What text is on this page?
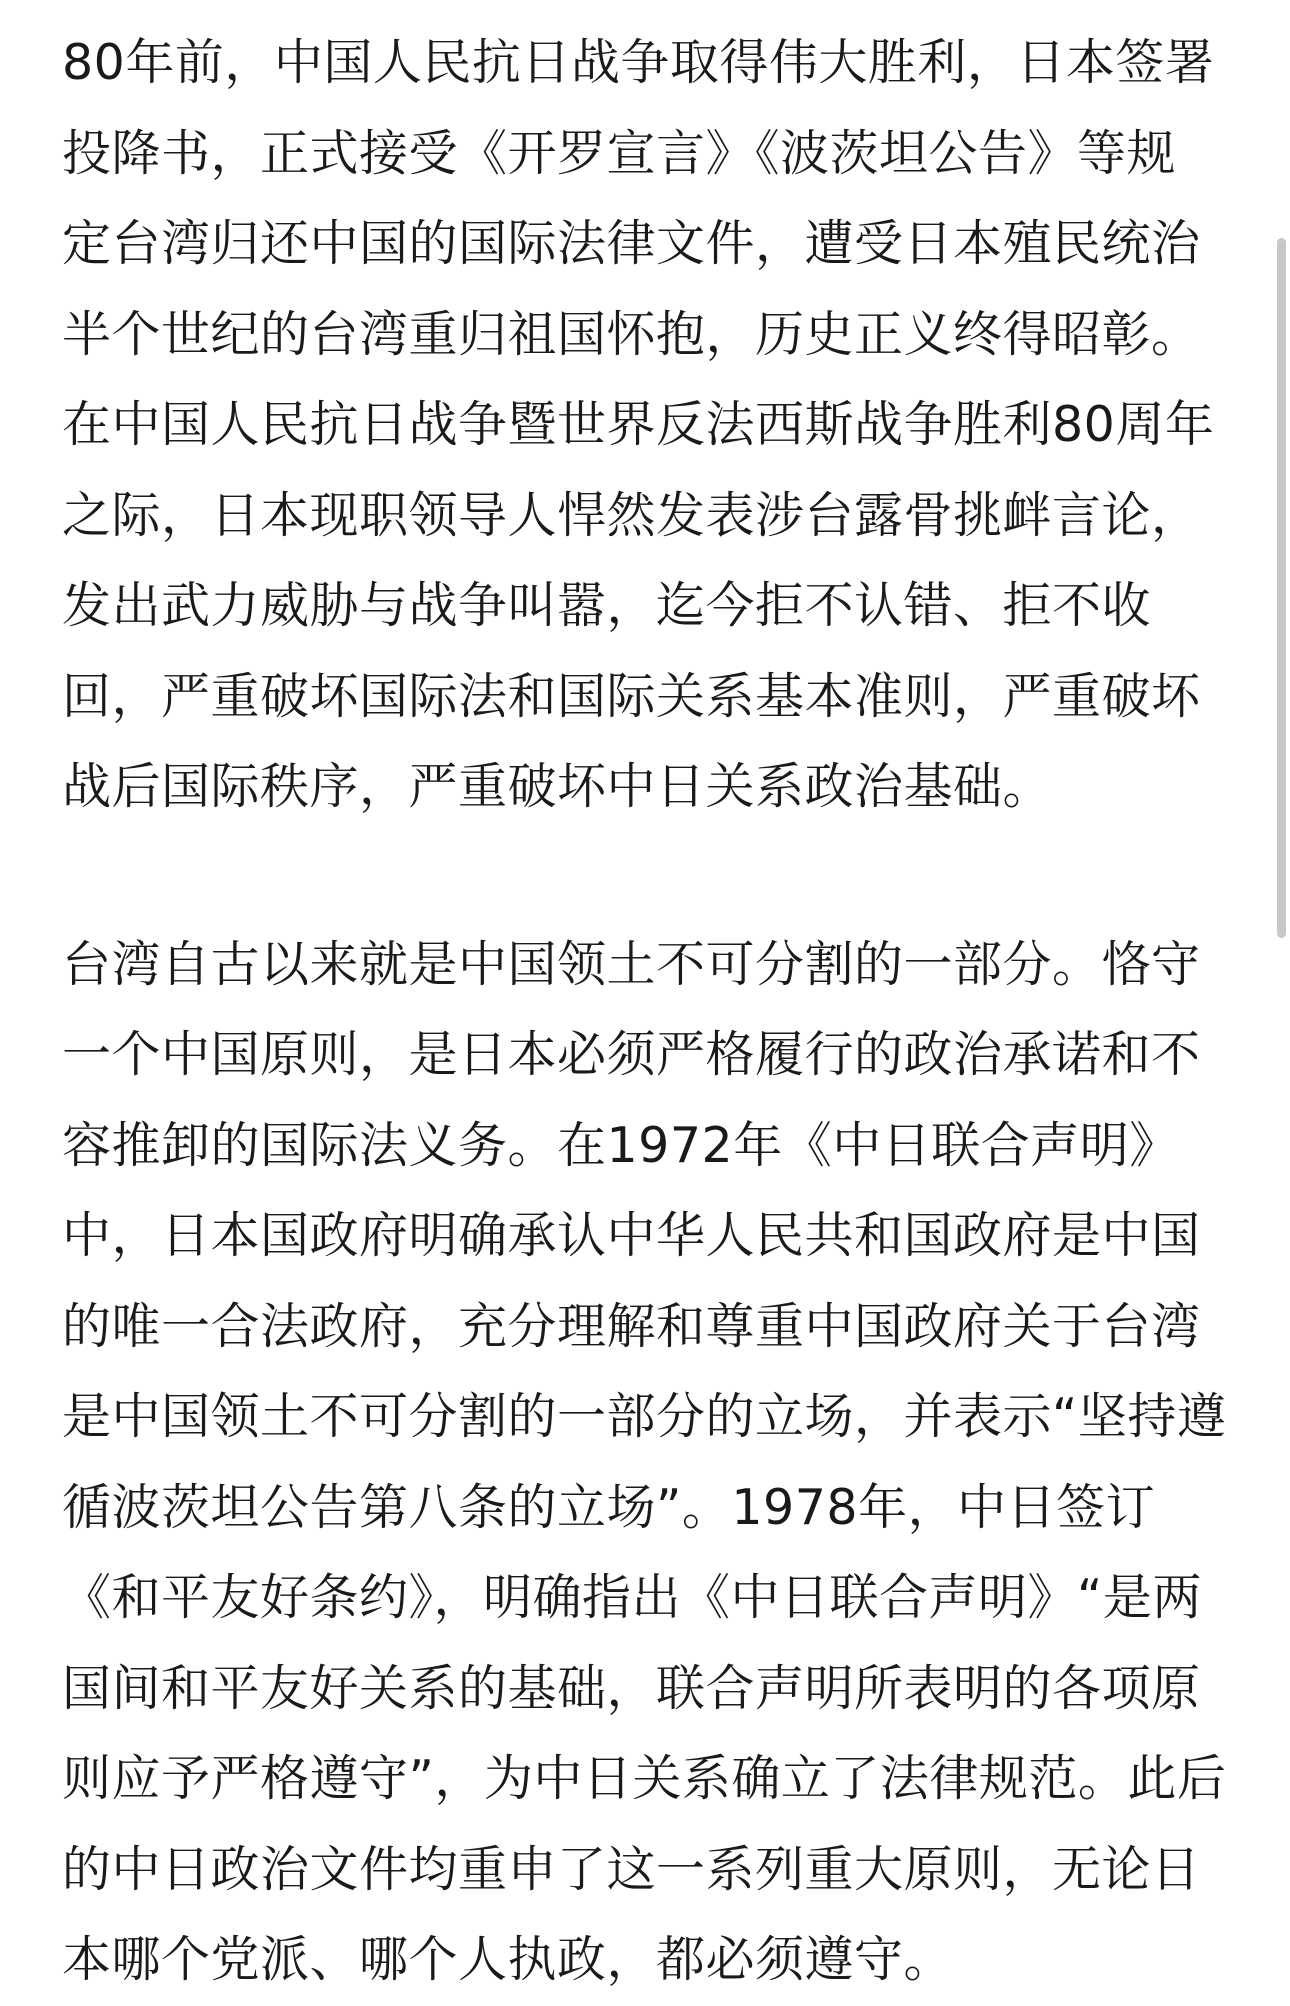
80年前，中国人民抗日战争取得伟大胜利，日本签署
投降书，正式接受《开罗宣言》《波茨坦公告》等规
定台湾归还中国的国际法律文件，遭受日本殖民统治
半个世纪的台湾重归祖国怀抱，历史正义终得昭彰。
在中国人民抗日战争暨世界反法西斯战争胜利80周年
之际，日本现职领导人悍然发表涉台露骨挑衅言论，
发出武力威胁与战争叫嚣，迄今拒不认错、拒不收
回，严重破坏国际法和国际关系基本准则，严重破坏
战后国际秩序，严重破坏中日关系政治基础。
台湾自古以来就是中国领土不可分割的一部分。恪守
一个中国原则，是日本必须严格履行的政治承诺和不
容推卸的国际法义务。在1972年《中日联合声明》
中，日本国政府明确承认中华人民共和国政府是中国
的唯一合法政府，充分理解和尊重中国政府关于台湾
是中国领土不可分割的一部分的立场，并表示“坚持遵
循波茨坦公告第八条的立场”。1978年，中日签订
《和平友好条约》，明确指出《中日联合声明》“是两
国间和平友好关系的基础，联合声明所表明的各项原
则应予严格遵守”，为中日关系确立了法律规范。此后
的中日政治文件均重申了这一系列重大原则，无论日
本哪个党派、哪个人执政，都必须遵守。
